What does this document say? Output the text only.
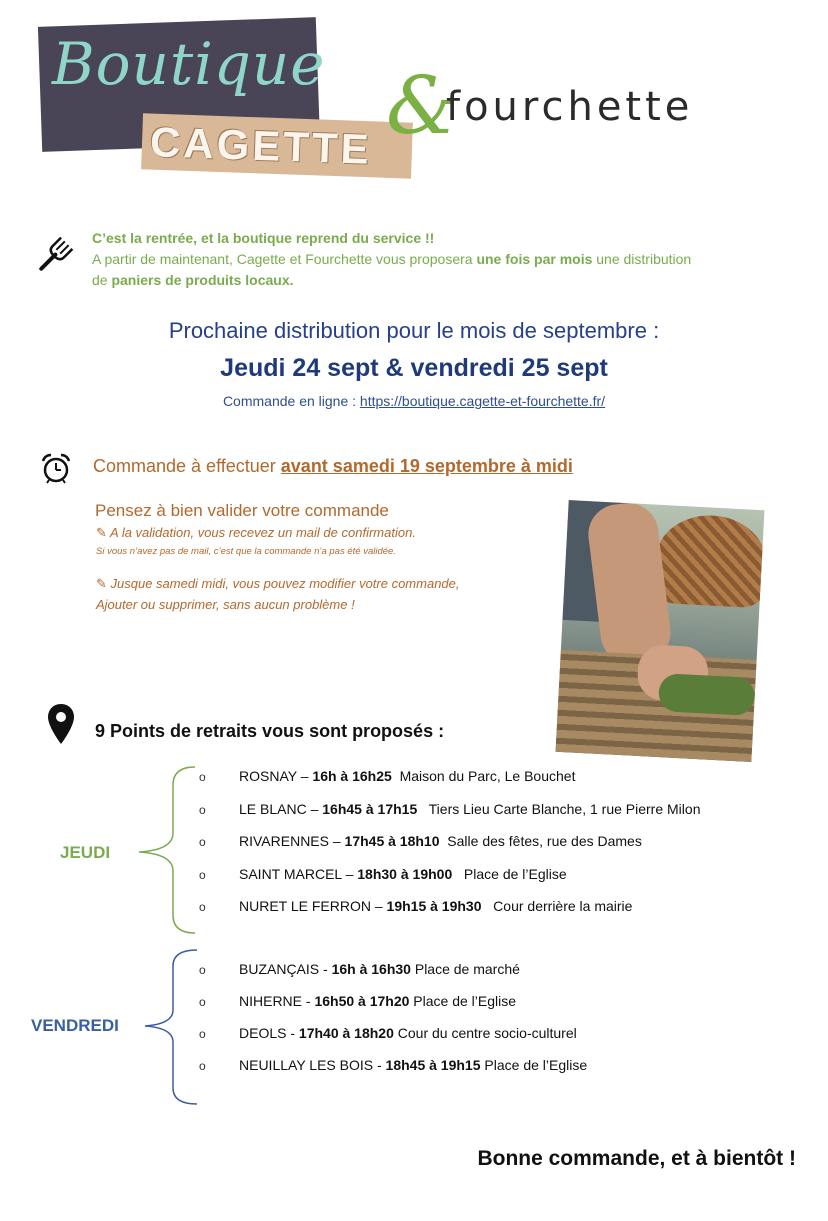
Boutique
CAGETTE &
fourchette
C’est la rentrée, et la boutique reprend du service !!
A partir de maintenant, Cagette et Fourchette vous proposera une fois par mois une distribution
de paniers de produits locaux.
Prochaine distribution pour le mois de septembre :
Jeudi 24 sept & vendredi 25 sept
Commande en ligne : https://boutique.cagette-et-fourchette.fr/
Commande à effectuer avant samedi 19 septembre à midi
Pensez à bien valider votre commande
✎ A la validation, vous recevez un mail de confirmation.
Si vous n’avez pas de mail, c’est que la commande n’a pas été validée.
✎ Jusque samedi midi, vous pouvez modifier votre commande,
Ajouter ou supprimer, sans aucun problème !
9 Points de retraits vous sont proposés :
JEUDI
VENDREDI
o ROSNAY – 16h à 16h25  Maison du Parc, Le Bouchet
o LE BLANC – 16h45 à 17h15   Tiers Lieu Carte Blanche, 1 rue Pierre Milon
o RIVARENNES – 17h45 à 18h10  Salle des fêtes, rue des Dames
o SAINT MARCEL – 18h30 à 19h00   Place de l’Eglise
o NURET LE FERRON – 19h15 à 19h30   Cour derrière la mairie
o BUZANÇAIS - 16h à 16h30 Place de marché
o NIHERNE - 16h50 à 17h20 Place de l’Eglise
o DEOLS - 17h40 à 18h20 Cour du centre socio-culturel
o NEUILLAY LES BOIS - 18h45 à 19h15 Place de l’Eglise
Bonne commande, et à bientôt !
